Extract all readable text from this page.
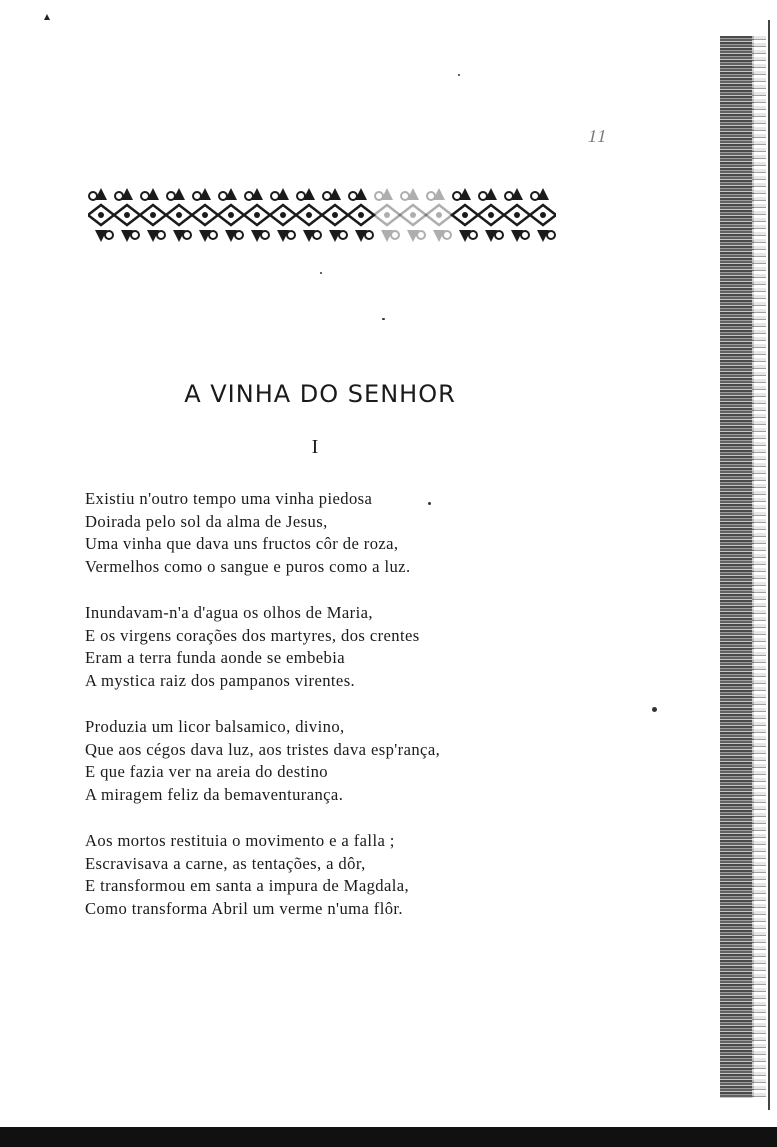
11
A VINHA DO SENHOR
I
Existiu n'outro tempo uma vinha piedosa
Doirada pelo sol da alma de Jesus,
Uma vinha que dava uns fructos côr de roza,
Vermelhos como o sangue e puros como a luz.
Inundavam-n'a d'agua os olhos de Maria,
E os virgens corações dos martyres, dos crentes
Eram a terra funda aonde se embebia
A mystica raiz dos pampanos virentes.
Produzia um licor balsamico, divino,
Que aos cégos dava luz, aos tristes dava esp'rança,
E que fazia ver na areia do destino
A miragem feliz da bemaventurança.
Aos mortos restituia o movimento e a falla ;
Escravisava a carne, as tentações, a dôr,
E transformou em santa a impura de Magdala,
Como transforma Abril um verme n'uma flôr.
